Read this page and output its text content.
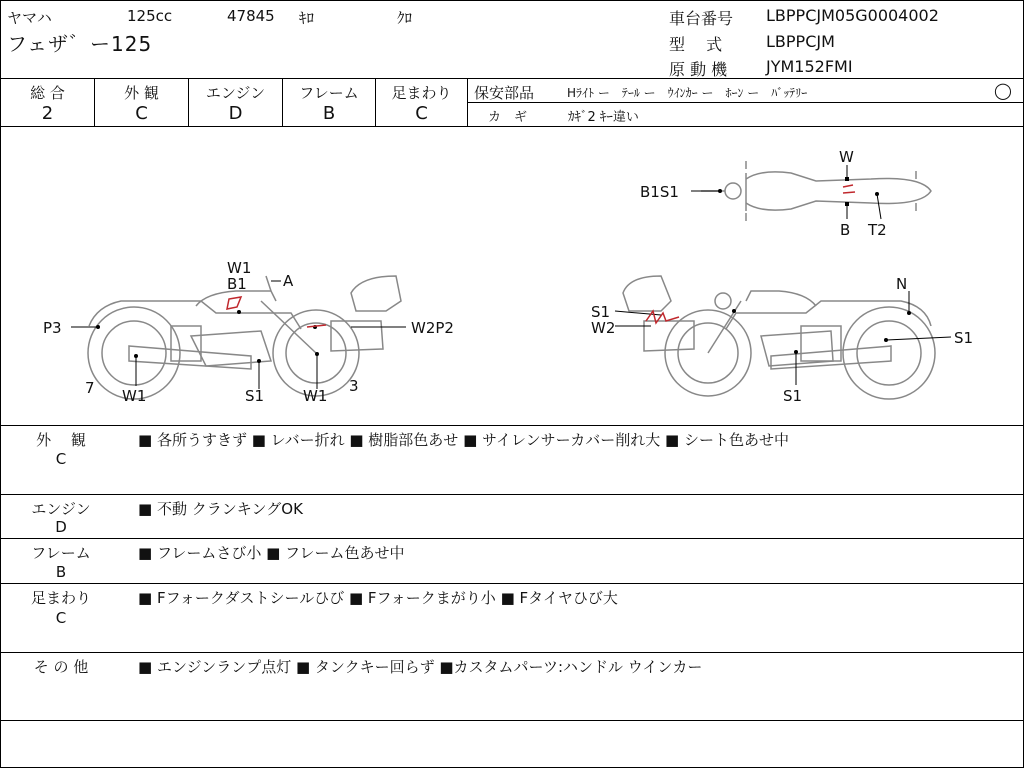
ヤマハ	125cc	47845 ｷﾛ	ｸﾛ
フェザ゛ー125
車台番号 LBPPCJM05G0004002
型　 式	LBPPCJM
原 動 機 JYM152FMI
総 合
2
外 観
C
エンジン
D
フレーム
B
足まわり
C
保安部品	Hﾗｲﾄ ー　ﾃｰﾙ ー　ｳｲﾝｶｰ ー　ﾎｰﾝ ー　ﾊﾞｯﾃﾘｰ	◯
カ　ギ	ｶｷﾞ2 ｷｰ違い
W1
B1 A
P3	W2P2
7 W1	S1	W1
3
S1
W2
N
S1
S1
W
B1S1
B T2
外　 観
C
■ 各所うすきず ■ レバー折れ ■ 樹脂部色あせ ■ サイレンサーカバー削れ大 ■ シート色あせ中
エンジン
D
■ 不動 クランキングOK
フレーム
B
■ フレームさび小 ■ フレーム色あせ中
足まわり
C
■ Fフォークダストシールひび ■ Fフォークまがり小 ■ Fタイヤひび大
そ の 他	■ エンジンランプ点灯 ■ タンクキー回らず ■カスタムパーツ:ハンドル ウインカー
